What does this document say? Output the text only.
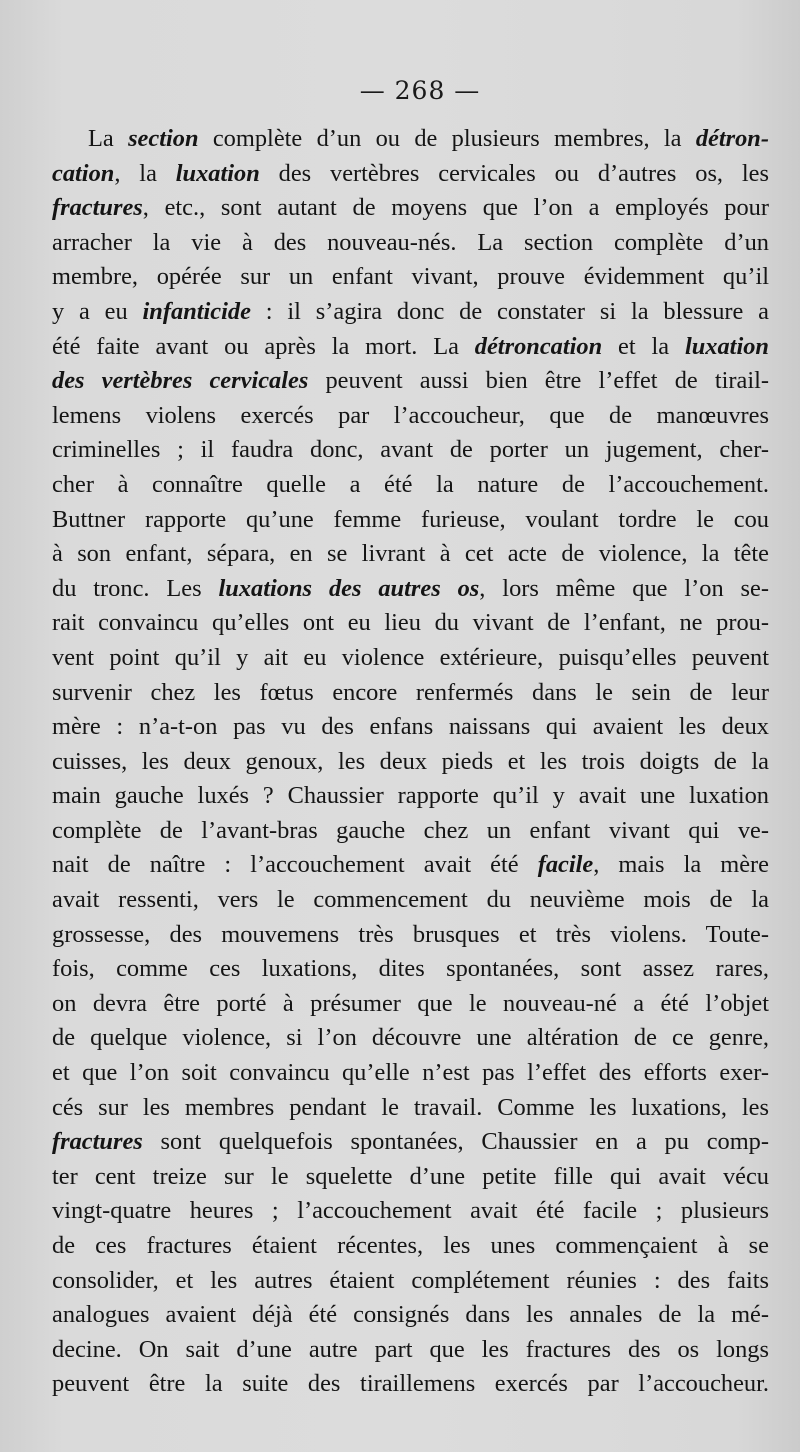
— 268 —
La section complète d’un ou de plusieurs membres, la détron-
cation, la luxation des vertèbres cervicales ou d’autres os, les
fractures, etc., sont autant de moyens que l’on a employés pour
arracher la vie à des nouveau-nés. La section complète d’un
membre, opérée sur un enfant vivant, prouve évidemment qu’il
y a eu infanticide : il s’agira donc de constater si la blessure a
été faite avant ou après la mort. La détroncation et la luxation
des vertèbres cervicales peuvent aussi bien être l’effet de tirail-
lemens violens exercés par l’accoucheur, que de manœuvres
criminelles ; il faudra donc, avant de porter un jugement, cher-
cher à connaître quelle a été la nature de l’accouchement.
Buttner rapporte qu’une femme furieuse, voulant tordre le cou
à son enfant, sépara, en se livrant à cet acte de violence, la tête
du tronc. Les luxations des autres os, lors même que l’on se-
rait convaincu qu’elles ont eu lieu du vivant de l’enfant, ne prou-
vent point qu’il y ait eu violence extérieure, puisqu’elles peuvent
survenir chez les fœtus encore renfermés dans le sein de leur
mère : n’a-t-on pas vu des enfans naissans qui avaient les deux
cuisses, les deux genoux, les deux pieds et les trois doigts de la
main gauche luxés ? Chaussier rapporte qu’il y avait une luxation
complète de l’avant-bras gauche chez un enfant vivant qui ve-
nait de naître : l’accouchement avait été facile, mais la mère
avait ressenti, vers le commencement du neuvième mois de la
grossesse, des mouvemens très brusques et très violens. Toute-
fois, comme ces luxations, dites spontanées, sont assez rares,
on devra être porté à présumer que le nouveau-né a été l’objet
de quelque violence, si l’on découvre une altération de ce genre,
et que l’on soit convaincu qu’elle n’est pas l’effet des efforts exer-
cés sur les membres pendant le travail. Comme les luxations, les
fractures sont quelquefois spontanées, Chaussier en a pu comp-
ter cent treize sur le squelette d’une petite fille qui avait vécu
vingt-quatre heures ; l’accouchement avait été facile ; plusieurs
de ces fractures étaient récentes, les unes commençaient à se
consolider, et les autres étaient complétement réunies : des faits
analogues avaient déjà été consignés dans les annales de la mé-
decine. On sait d’une autre part que les fractures des os longs
peuvent être la suite des tiraillemens exercés par l’accoucheur.
